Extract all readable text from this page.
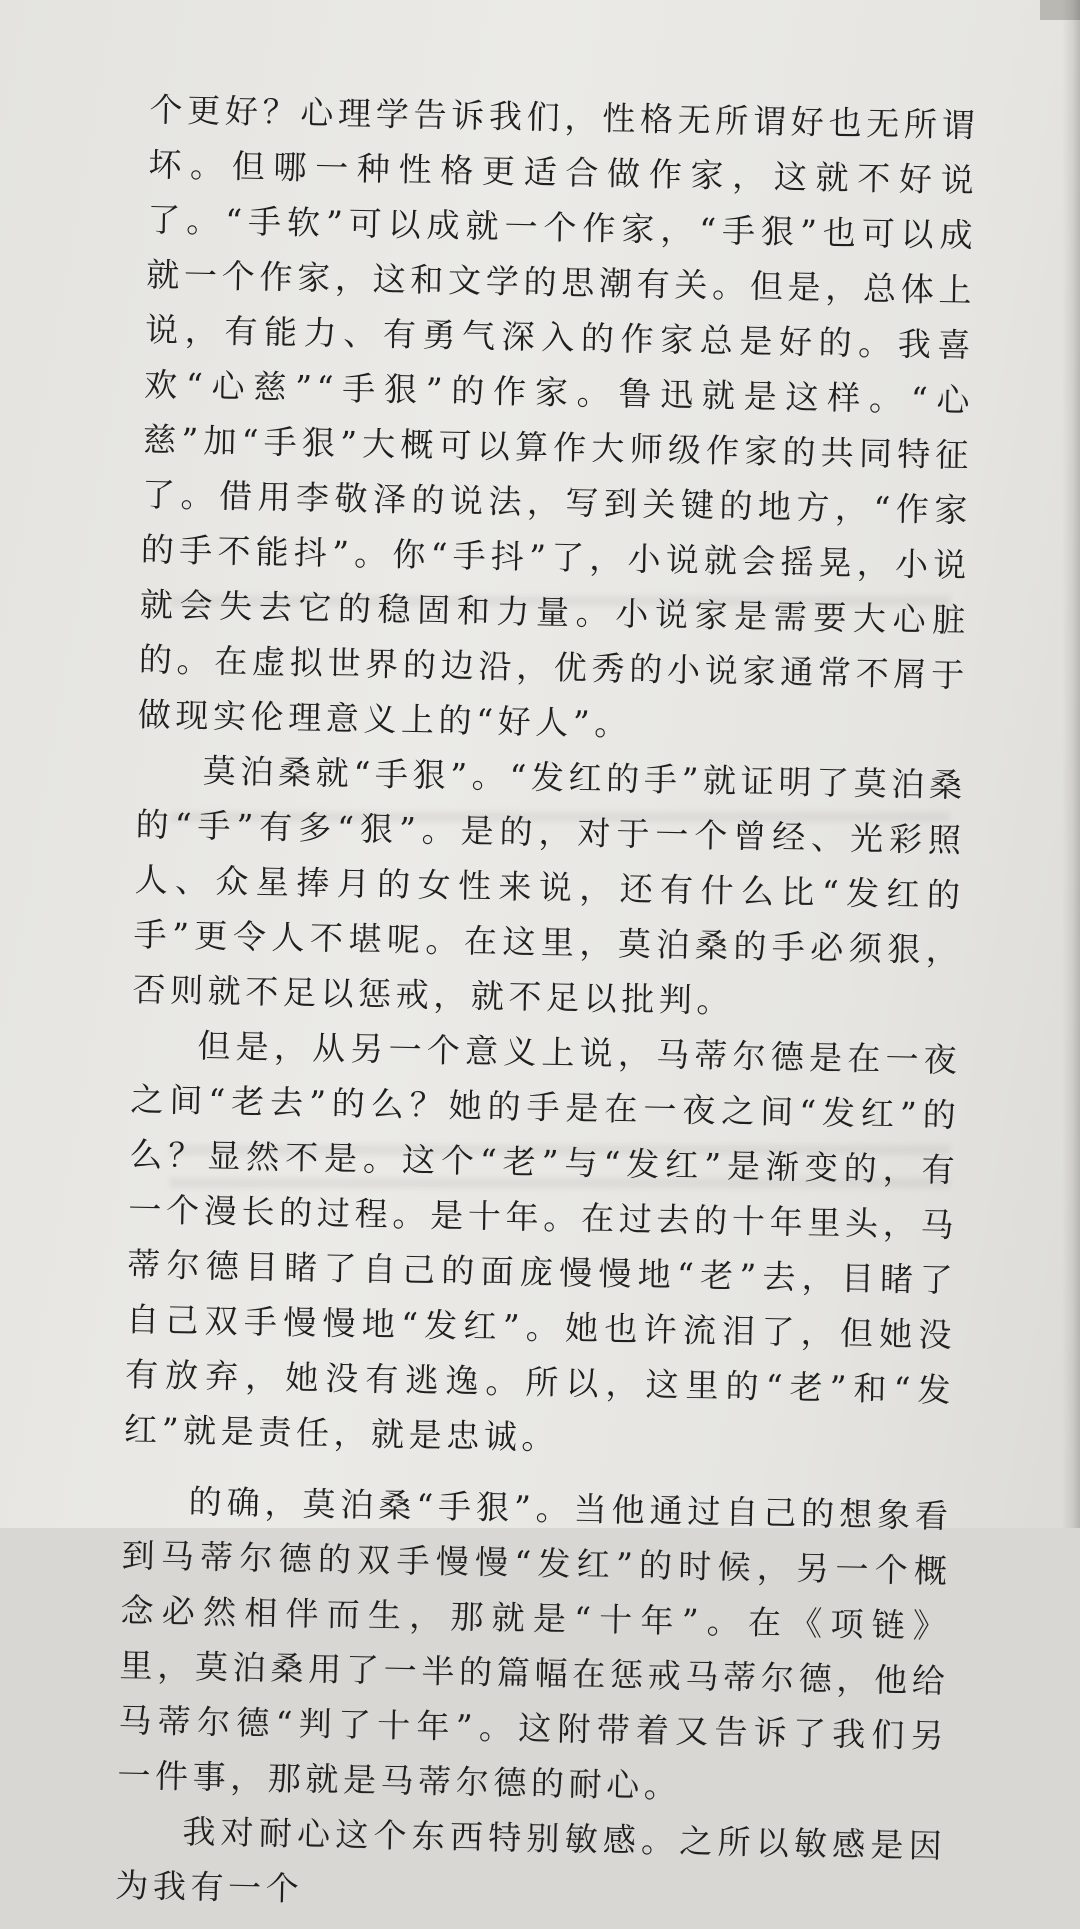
个更好？心理学告诉我们，性格无所谓好也无所谓坏。但哪一种性格更适合做作家，这就不好说了。“手软”可以成就一个作家，“手狠”也可以成就一个作家，这和文学的思潮有关。但是，总体上说，有能力、有勇气深入的作家总是好的。我喜欢“心慈”“手狠”的作家。鲁迅就是这样。“心慈”加“手狠”大概可以算作大师级作家的共同特征了。借用李敬泽的说法，写到关键的地方，“作家的手不能抖”。你“手抖”了，小说就会摇晃，小说就会失去它的稳固和力量。小说家是需要大心脏的。在虚拟世界的边沿，优秀的小说家通常不屑于做现实伦理意义上的“好人”。

莫泊桑就“手狠”。“发红的手”就证明了莫泊桑的“手”有多“狠”。是的，对于一个曾经、光彩照人、众星捧月的女性来说，还有什么比“发红的手”更令人不堪呢。在这里，莫泊桑的手必须狠，否则就不足以惩戒，就不足以批判。

但是，从另一个意义上说，马蒂尔德是在一夜之间“老去”的么？她的手是在一夜之间“发红”的么？显然不是。这个“老”与“发红”是渐变的，有一个漫长的过程。是十年。在过去的十年里头，马蒂尔德目睹了自己的面庞慢慢地“老”去，目睹了自己双手慢慢地“发红”。她也许流泪了，但她没有放弃，她没有逃逸。所以，这里的“老”和“发红”就是责任，就是忠诚。

的确，莫泊桑“手狠”。当他通过自己的想象看到马蒂尔德的双手慢慢“发红”的时候，另一个概念必然相伴而生，那就是“十年”。在《项链》里，莫泊桑用了一半的篇幅在惩戒马蒂尔德，他给马蒂尔德“判了十年”。这附带着又告诉了我们另一件事，那就是马蒂尔德的耐心。

我对耐心这个东西特别敏感。之所以敏感是因为我有一个
